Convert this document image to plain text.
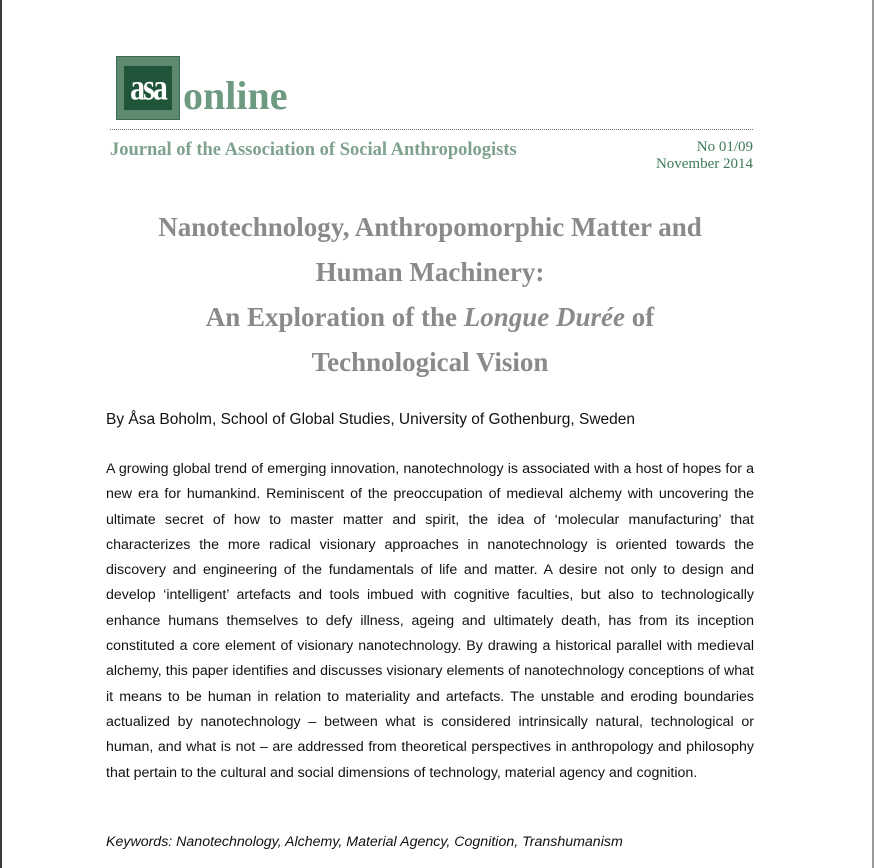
asa online
Journal of the Association of Social Anthropologists	No 01/09
November 2014
Nanotechnology, Anthropomorphic Matter and
Human Machinery:
An Exploration of the Longue Durée of
Technological Vision
By Åsa Boholm, School of Global Studies, University of Gothenburg, Sweden

A growing global trend of emerging innovation, nanotechnology is associated with a host of hopes for a new era for humankind. Reminiscent of the preoccupation of medieval alchemy with uncovering the ultimate secret of how to master matter and spirit, the idea of ‘molecular manufacturing’ that characterizes the more radical visionary approaches in nanotechnology is oriented towards the discovery and engineering of the fundamentals of life and matter. A desire not only to design and develop ‘intelligent’ artefacts and tools imbued with cognitive faculties, but also to technologically enhance humans themselves to defy illness, ageing and ultimately death, has from its inception constituted a core element of visionary nanotechnology. By drawing a historical parallel with medieval alchemy, this paper identifies and discusses visionary elements of nanotechnology conceptions of what it means to be human in relation to materiality and artefacts. The unstable and eroding boundaries actualized by nanotechnology – between what is considered intrinsically natural, technological or human, and what is not – are addressed from theoretical perspectives in anthropology and philosophy that pertain to the cultural and social dimensions of technology, material agency and cognition.

Keywords: Nanotechnology, Alchemy, Material Agency, Cognition, Transhumanism
